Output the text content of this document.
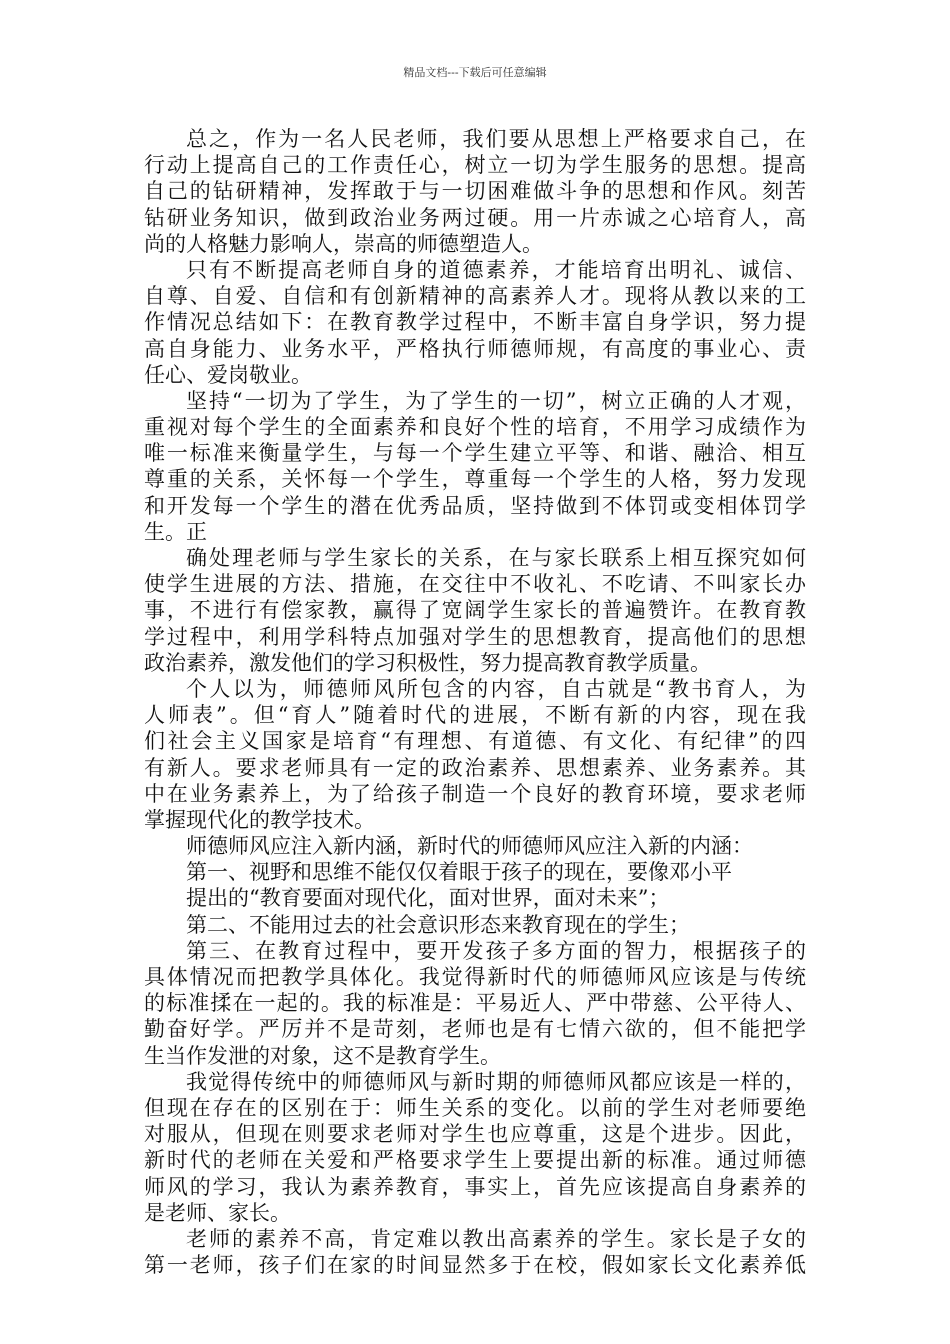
精品文档---下载后可任意编辑
总之，作为一名人民老师，我们要从思想上严格要求自己，在
行动上提高自己的工作责任心，树立一切为学生服务的思想。提高
自己的钻研精神，发挥敢于与一切困难做斗争的思想和作风。刻苦
钻研业务知识，做到政治业务两过硬。用一片赤诚之心培育人，高
尚的人格魅力影响人，崇高的师德塑造人。
只有不断提高老师自身的道德素养，才能培育出明礼、诚信、
自尊、自爱、自信和有创新精神的高素养人才。现将从教以来的工
作情况总结如下：在教育教学过程中，不断丰富自身学识，努力提
高自身能力、业务水平，严格执行师德师规，有高度的事业心、责
任心、爱岗敬业。
坚持“一切为了学生，为了学生的一切”，树立正确的人才观，
重视对每个学生的全面素养和良好个性的培育，不用学习成绩作为
唯一标准来衡量学生，与每一个学生建立平等、和谐、融洽、相互
尊重的关系，关怀每一个学生，尊重每一个学生的人格，努力发现
和开发每一个学生的潜在优秀品质，坚持做到不体罚或变相体罚学
生。正
确处理老师与学生家长的关系，在与家长联系上相互探究如何
使学生进展的方法、措施，在交往中不收礼、不吃请、不叫家长办
事，不进行有偿家教，赢得了宽阔学生家长的普遍赞许。在教育教
学过程中，利用学科特点加强对学生的思想教育，提高他们的思想
政治素养，激发他们的学习积极性，努力提高教育教学质量。
个人以为，师德师风所包含的内容，自古就是“教书育人，为
人师表”。但“育人”随着时代的进展，不断有新的内容，现在我
们社会主义国家是培育“有理想、有道德、有文化、有纪律”的四
有新人。要求老师具有一定的政治素养、思想素养、业务素养。其
中在业务素养上，为了给孩子制造一个良好的教育环境，要求老师
掌握现代化的教学技术。
师德师风应注入新内涵，新时代的师德师风应注入新的内涵：
第一、视野和思维不能仅仅着眼于孩子的现在，要像邓小平
提出的“教育要面对现代化，面对世界，面对未来”；
第二、不能用过去的社会意识形态来教育现在的学生；
第三、在教育过程中，要开发孩子多方面的智力，根据孩子的
具体情况而把教学具体化。我觉得新时代的师德师风应该是与传统
的标准揉在一起的。我的标准是：平易近人、严中带慈、公平待人、
勤奋好学。严厉并不是苛刻，老师也是有七情六欲的，但不能把学
生当作发泄的对象，这不是教育学生。
我觉得传统中的师德师风与新时期的师德师风都应该是一样的，
但现在存在的区别在于：师生关系的变化。以前的学生对老师要绝
对服从，但现在则要求老师对学生也应尊重，这是个进步。因此，
新时代的老师在关爱和严格要求学生上要提出新的标准。通过师德
师风的学习，我认为素养教育，事实上，首先应该提高自身素养的
是老师、家长。
老师的素养不高，肯定难以教出高素养的学生。家长是子女的
第一老师，孩子们在家的时间显然多于在校，假如家长文化素养低
